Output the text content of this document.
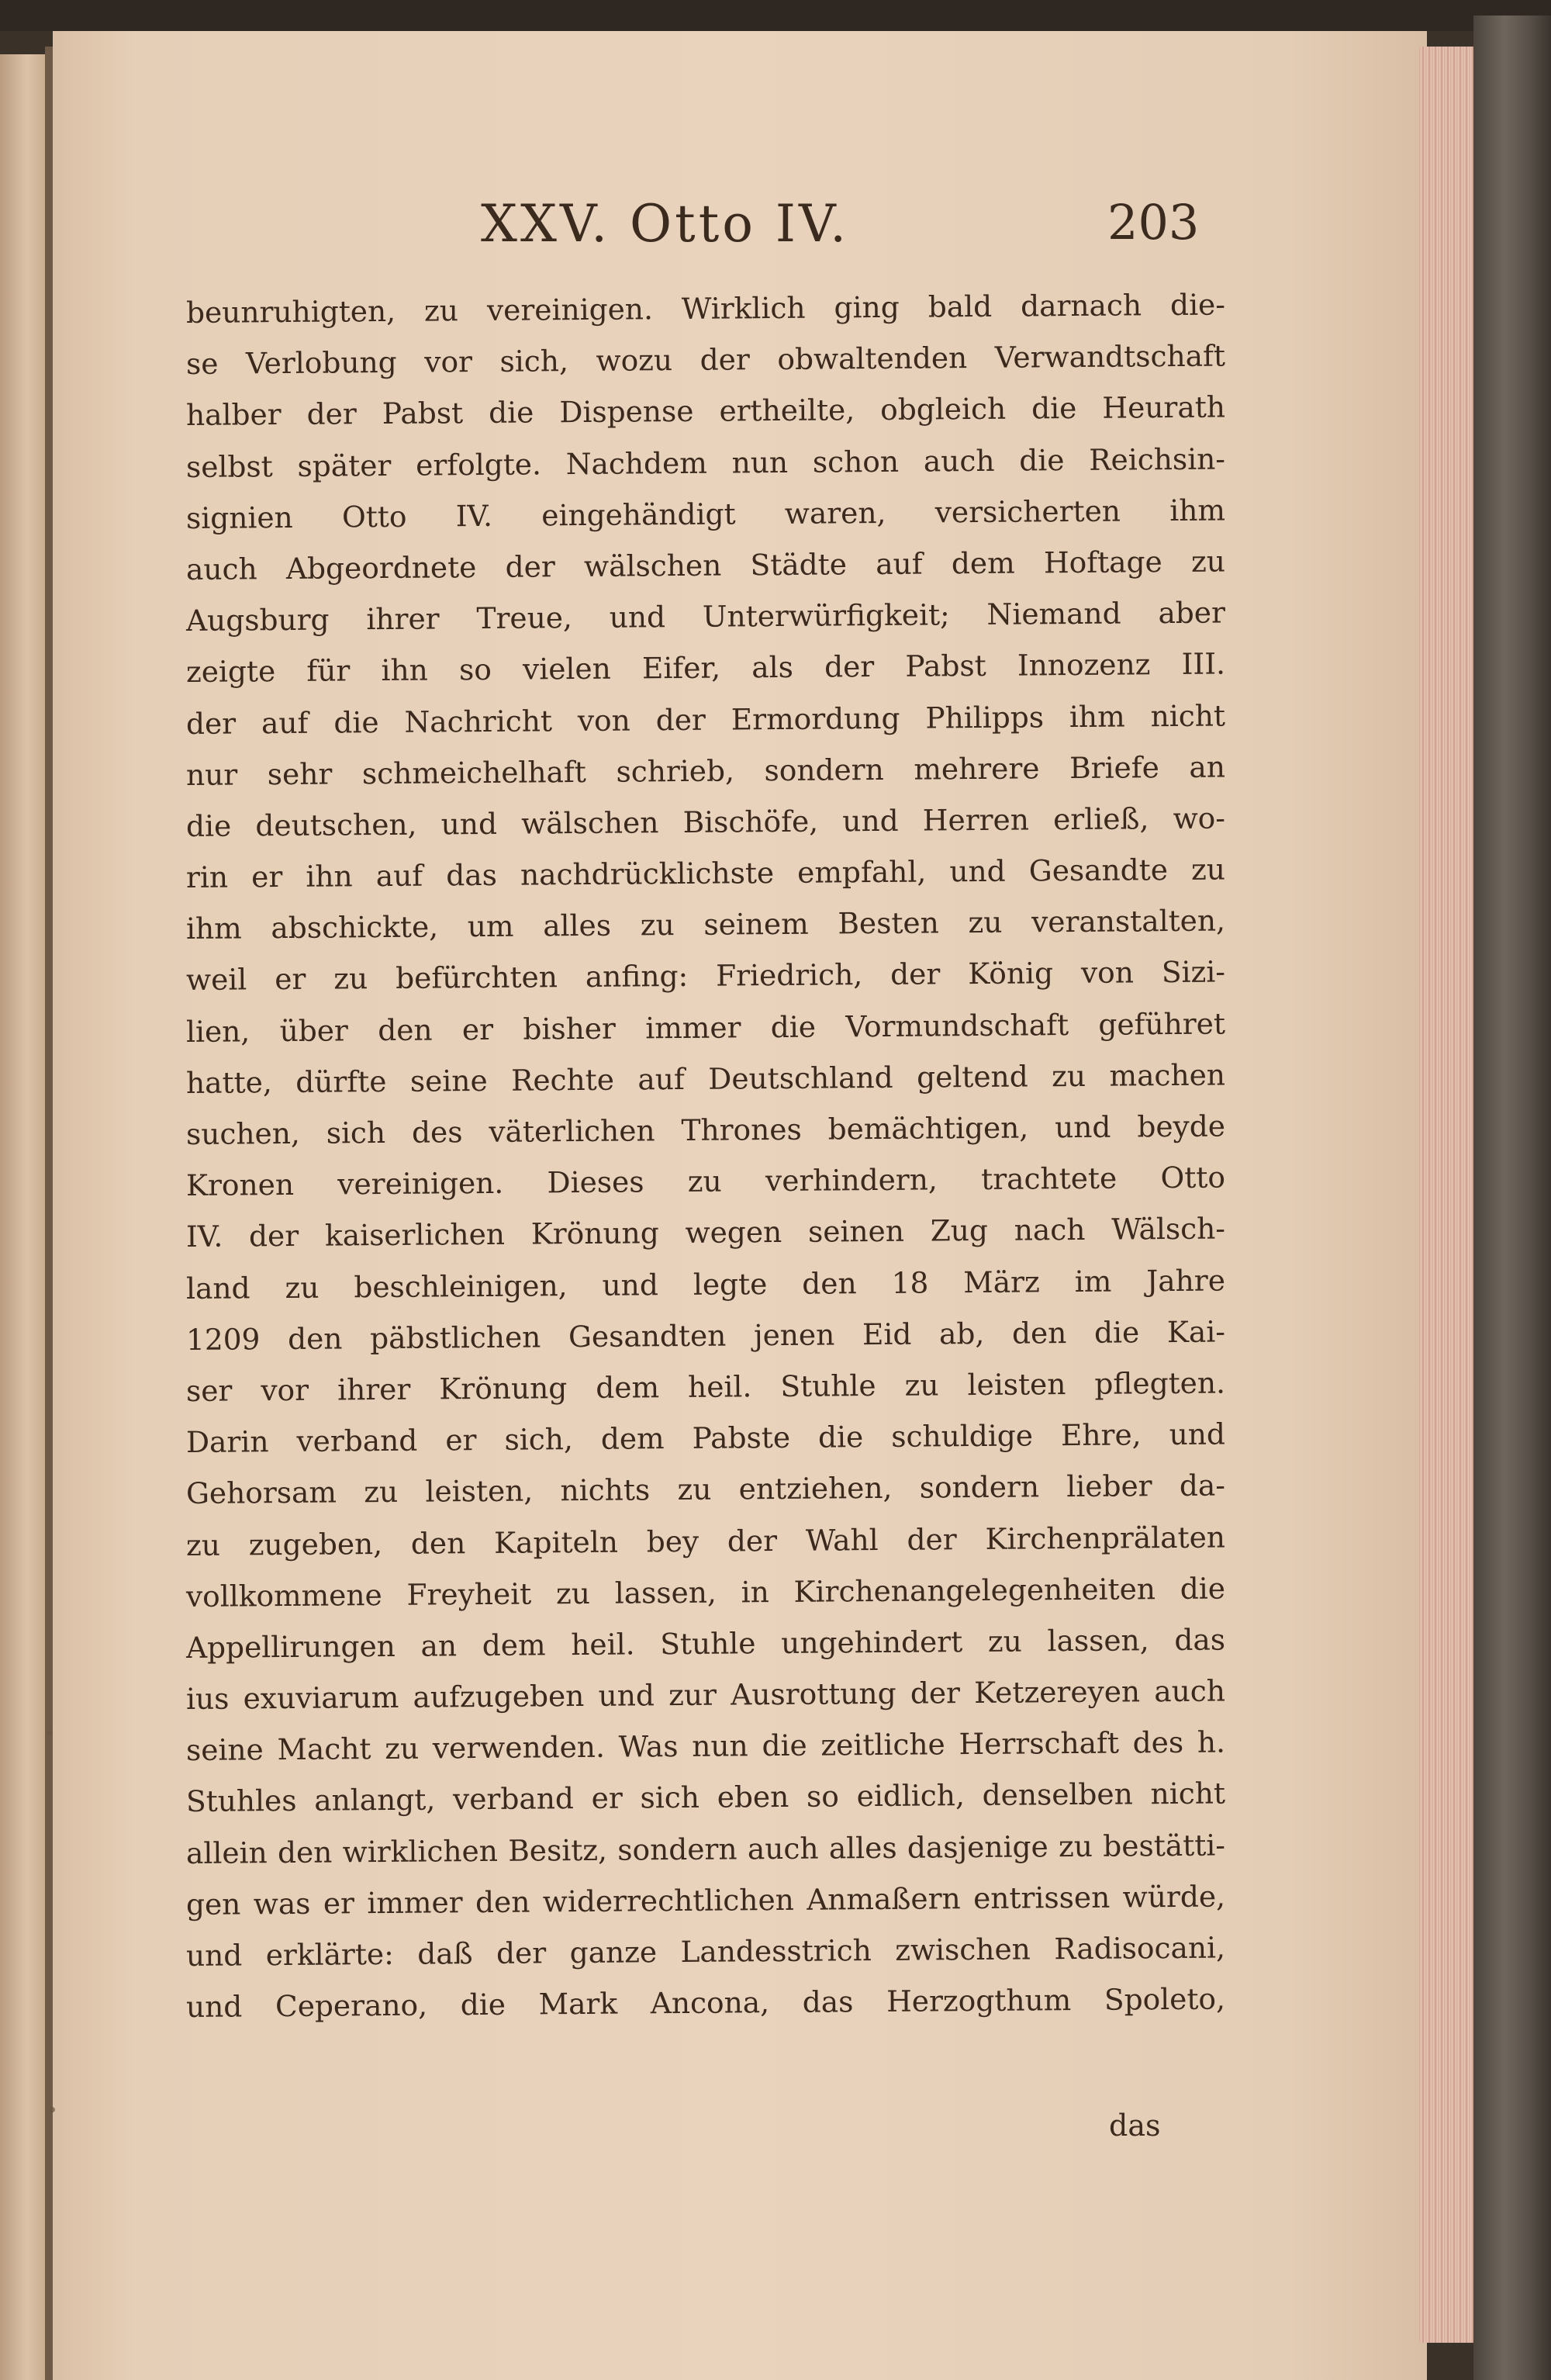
XXV. Otto IV.	203
beunruhigten, zu vereinigen. Wirklich ging bald darnach die-
se Verlobung vor sich, wozu der obwaltenden Verwandtschaft
halber der Pabst die Dispense ertheilte, obgleich die Heurath
selbst später erfolgte. Nachdem nun schon auch die Reichsin-
signien Otto IV. eingehändigt waren, versicherten ihm
auch Abgeordnete der wälschen Städte auf dem Hoftage zu
Augsburg ihrer Treue, und Unterwürfigkeit; Niemand aber
zeigte für ihn so vielen Eifer, als der Pabst Innozenz III.
der auf die Nachricht von der Ermordung Philipps ihm nicht
nur sehr schmeichelhaft schrieb, sondern mehrere Briefe an
die deutschen, und wälschen Bischöfe, und Herren erließ, wo-
rin er ihn auf das nachdrücklichste empfahl, und Gesandte zu
ihm abschickte, um alles zu seinem Besten zu veranstalten,
weil er zu befürchten anfing: Friedrich, der König von Sizi-
lien, über den er bisher immer die Vormundschaft geführet
hatte, dürfte seine Rechte auf Deutschland geltend zu machen
suchen, sich des väterlichen Thrones bemächtigen, und beyde
Kronen vereinigen. Dieses zu verhindern, trachtete Otto
IV. der kaiserlichen Krönung wegen seinen Zug nach Wälsch-
land zu beschleinigen, und legte den 18 März im Jahre
1209 den päbstlichen Gesandten jenen Eid ab, den die Kai-
ser vor ihrer Krönung dem heil. Stuhle zu leisten pflegten.
Darin verband er sich, dem Pabste die schuldige Ehre, und
Gehorsam zu leisten, nichts zu entziehen, sondern lieber da-
zu zugeben, den Kapiteln bey der Wahl der Kirchenprälaten
vollkommene Freyheit zu lassen, in Kirchenangelegenheiten die
Appellirungen an dem heil. Stuhle ungehindert zu lassen, das
ius exuviarum aufzugeben und zur Ausrottung der Ketzereyen auch
seine Macht zu verwenden. Was nun die zeitliche Herrschaft des h.
Stuhles anlangt, verband er sich eben so eidlich, denselben nicht
allein den wirklichen Besitz, sondern auch alles dasjenige zu bestätti-
gen was er immer den widerrechtlichen Anmaßern entrissen würde,
und erklärte: daß der ganze Landesstrich zwischen Radisocani,
und Ceperano, die Mark Ancona, das Herzogthum Spoleto,
das
